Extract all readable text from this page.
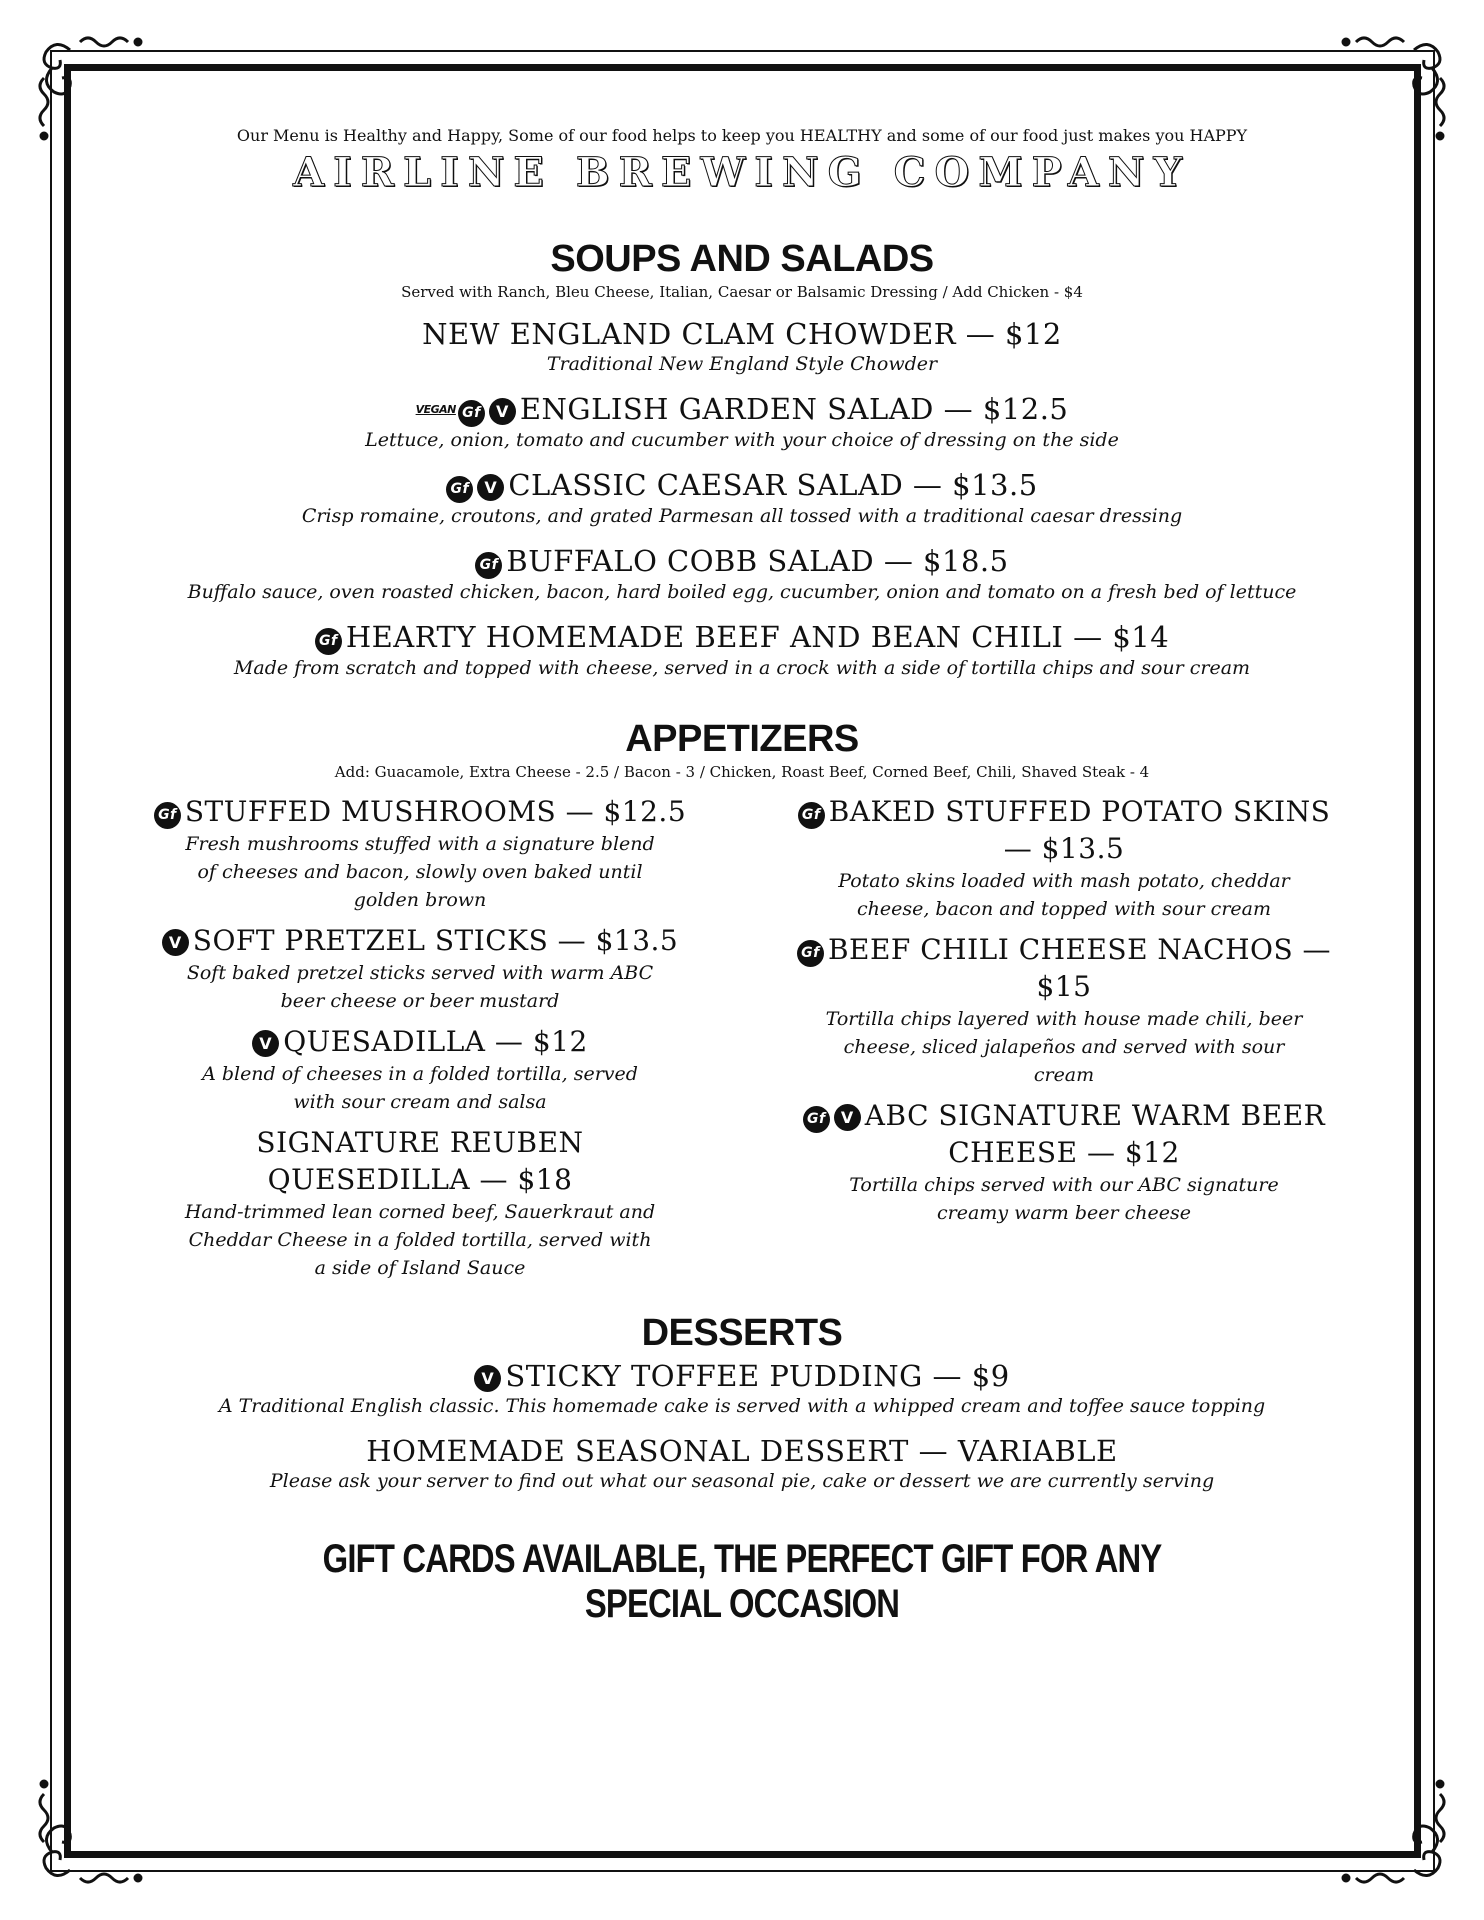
Our Menu is Healthy and Happy, Some of our food helps to keep you HEALTHY and some of our food just makes you HAPPY

AIRLINE BREWING COMPANY
SOUPS AND SALADS

Served with Ranch, Bleu Cheese, Italian, Caesar or Balsamic Dressing / Add Chicken - $4

NEW ENGLAND CLAM CHOWDER — $12
Traditional New England Style Chowder
VEGAN Gf V ENGLISH GARDEN SALAD — $12.5
Lettuce, onion, tomato and cucumber with your choice of dressing on the side
Gf V CLASSIC CAESAR SALAD — $13.5
Crisp romaine, croutons, and grated Parmesan all tossed with a traditional caesar dressing
Gf BUFFALO COBB SALAD — $18.5
Buffalo sauce, oven roasted chicken, bacon, hard boiled egg, cucumber, onion and tomato on a fresh bed of lettuce
Gf HEARTY HOMEMADE BEEF AND BEAN CHILI — $14
Made from scratch and topped with cheese, served in a crock with a side of tortilla chips and sour cream
APPETIZERS

Add: Guacamole, Extra Cheese - 2.5 / Bacon - 3 / Chicken, Roast Beef, Corned Beef, Chili, Shaved Steak - 4

Gf STUFFED MUSHROOMS — $12.5
Fresh mushrooms stuffed with a signature blend of cheeses and bacon, slowly oven baked until golden brown
V SOFT PRETZEL STICKS — $13.5
Soft baked pretzel sticks served with warm ABC beer cheese or beer mustard
V QUESADILLA — $12
A blend of cheeses in a folded tortilla, served with sour cream and salsa
SIGNATURE REUBEN QUESEDILLA — $18
Hand-trimmed lean corned beef, Sauerkraut and Cheddar Cheese in a folded tortilla, served with a side of Island Sauce
Gf BAKED STUFFED POTATO SKINS — $13.5
Potato skins loaded with mash potato, cheddar cheese, bacon and topped with sour cream
Gf BEEF CHILI CHEESE NACHOS — $15
Tortilla chips layered with house made chili, beer cheese, sliced jalapeños and served with sour cream
Gf V ABC SIGNATURE WARM BEER CHEESE — $12
Tortilla chips served with our ABC signature creamy warm beer cheese
DESSERTS
V STICKY TOFFEE PUDDING — $9
A Traditional English classic. This homemade cake is served with a whipped cream and toffee sauce topping
HOMEMADE SEASONAL DESSERT — VARIABLE
Please ask your server to find out what our seasonal pie, cake or dessert we are currently serving

GIFT CARDS AVAILABLE, THE PERFECT GIFT FOR ANY SPECIAL OCCASION
